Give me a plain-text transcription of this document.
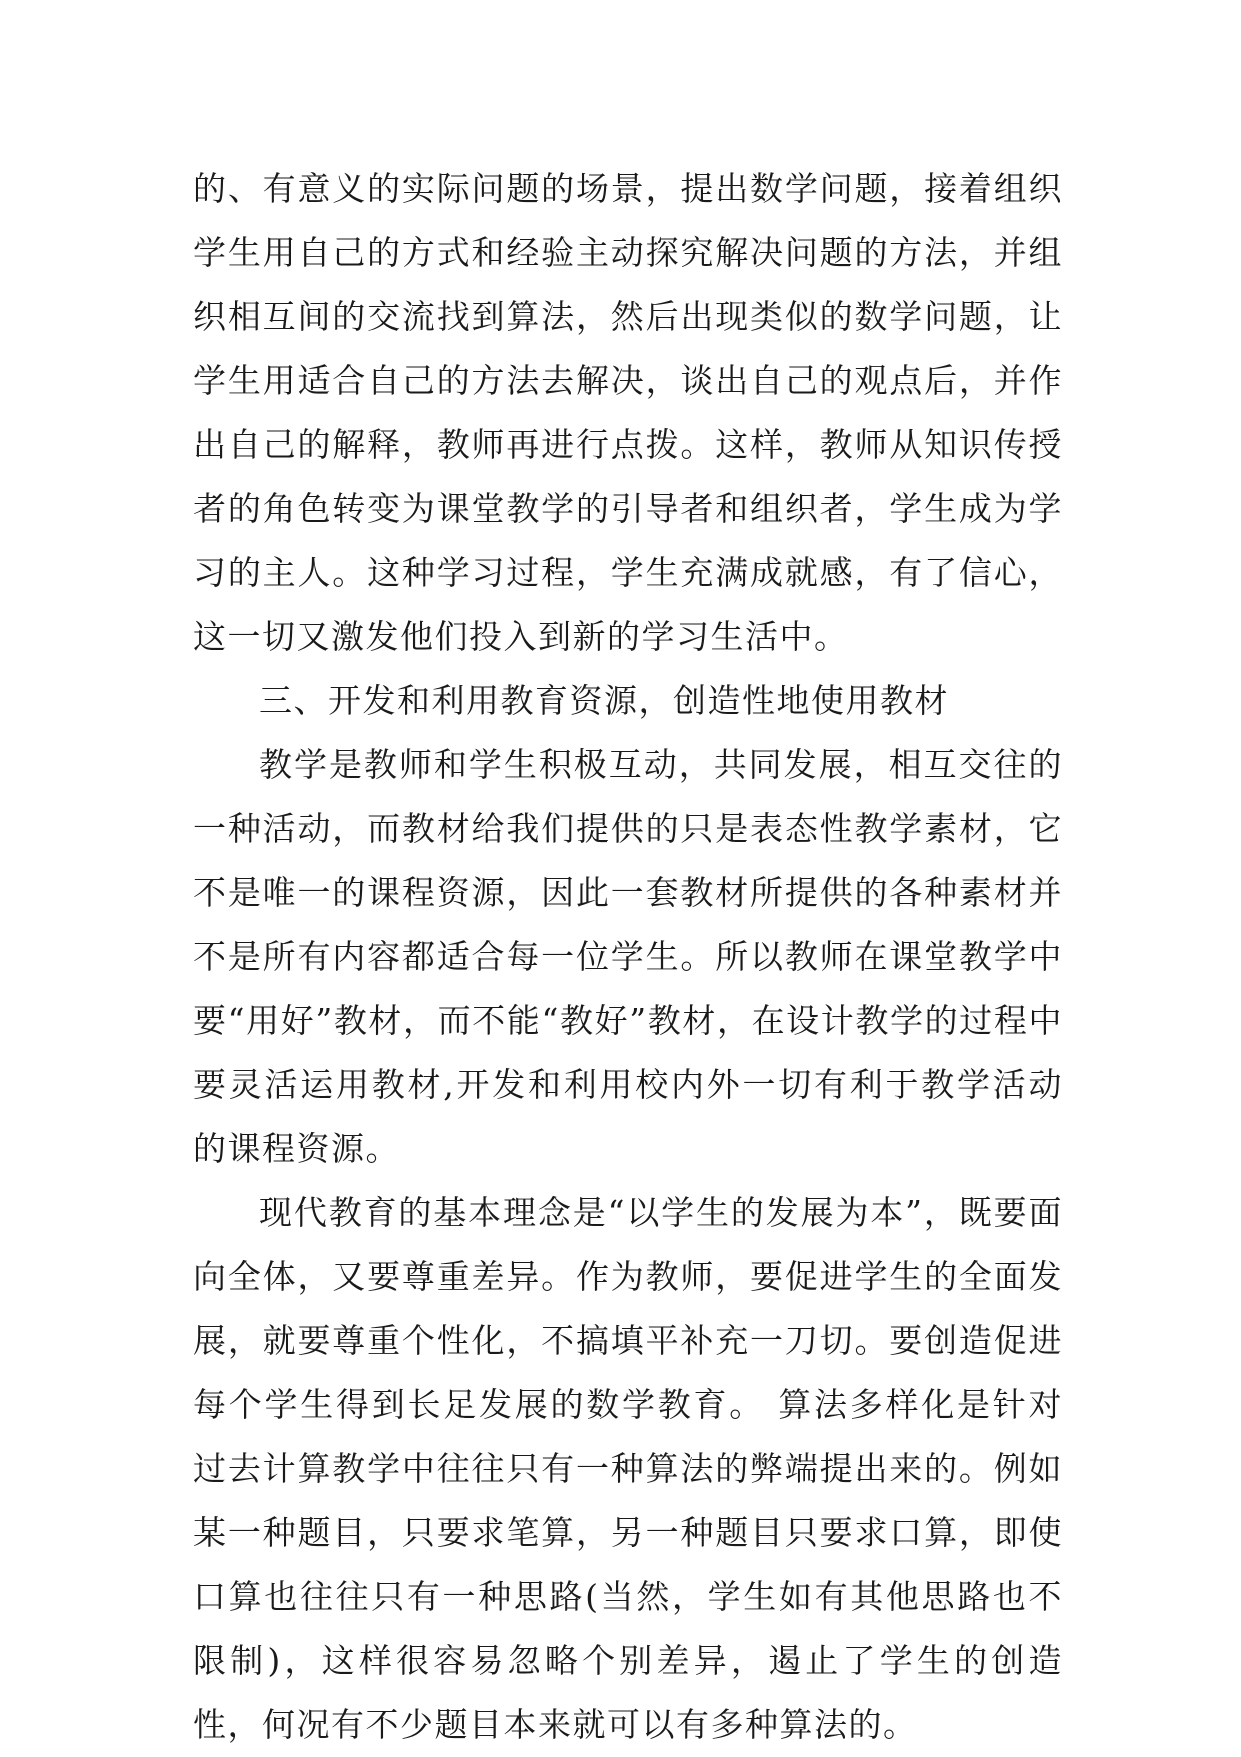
的、有意义的实际问题的场景，提出数学问题，接着组织学生用自己的方式和经验主动探究解决问题的方法，并组织相互间的交流找到算法，然后出现类似的数学问题，让学生用适合自己的方法去解决，谈出自己的观点后，并作出自己的解释，教师再进行点拨。这样，教师从知识传授者的角色转变为课堂教学的引导者和组织者，学生成为学习的主人。这种学习过程，学生充满成就感，有了信心，这一切又激发他们投入到新的学习生活中。

三、开发和利用教育资源，创造性地使用教材

教学是教师和学生积极互动，共同发展，相互交往的一种活动，而教材给我们提供的只是表态性教学素材，它不是唯一的课程资源，因此一套教材所提供的各种素材并不是所有内容都适合每一位学生。所以教师在课堂教学中要“用好”教材，而不能“教好”教材，在设计教学的过程中要灵活运用教材,开发和利用校内外一切有利于教学活动的课程资源。

现代教育的基本理念是“以学生的发展为本”，既要面向全体，又要尊重差异。作为教师，要促进学生的全面发展，就要尊重个性化，不搞填平补充一刀切。要创造促进每个学生得到长足发展的数学教育。 算法多样化是针对过去计算教学中往往只有一种算法的弊端提出来的。例如某一种题目，只要求笔算，另一种题目只要求口算，即使口算也往往只有一种思路(当然，学生如有其他思路也不限制)，这样很容易忽略个别差异，遏止了学生的创造性，何况有不少题目本来就可以有多种算法的。
